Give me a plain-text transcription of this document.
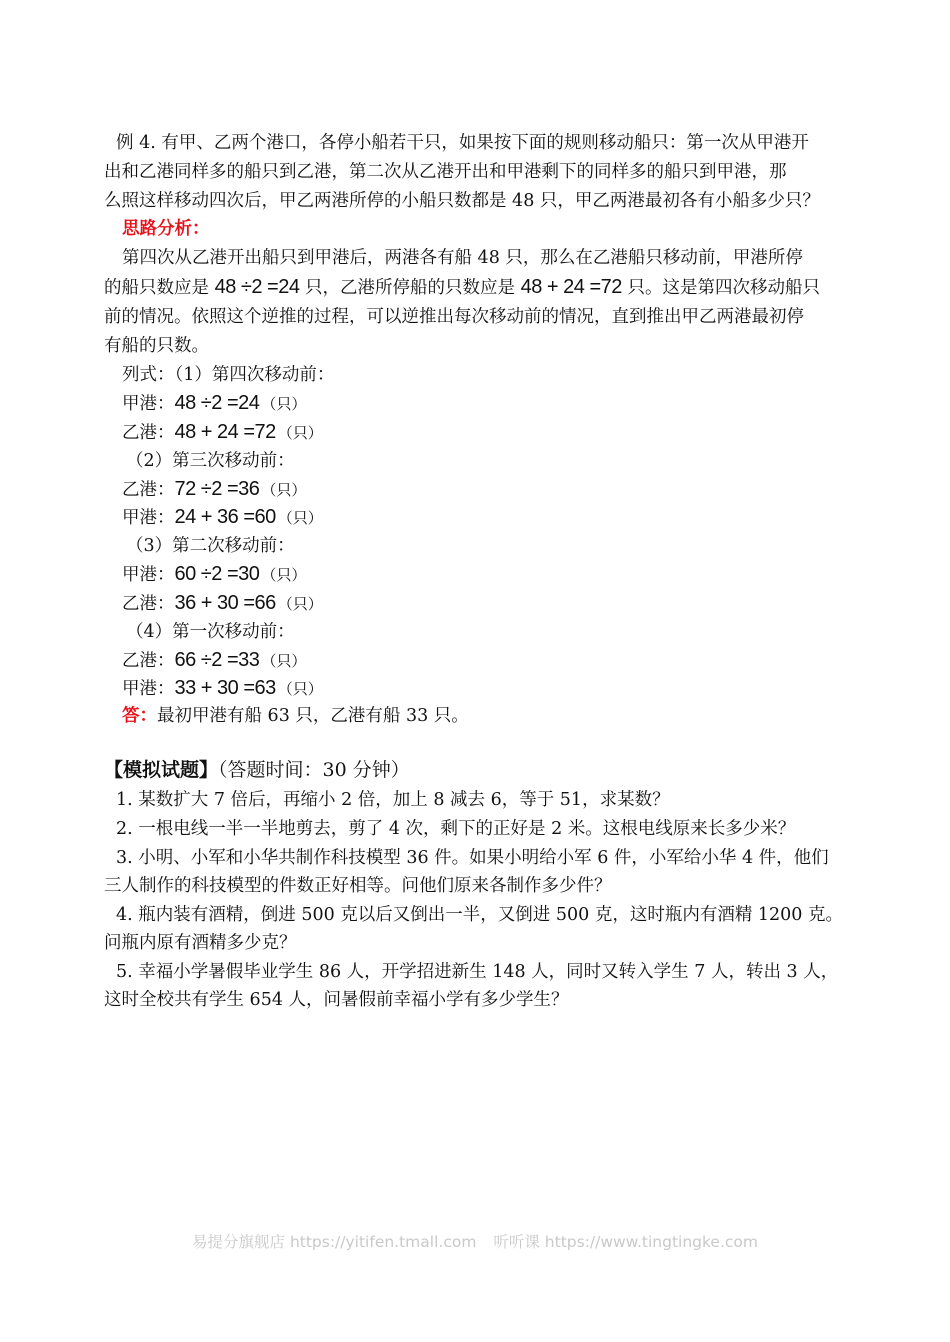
例 4. 有甲、乙两个港口，各停小船若干只，如果按下面的规则移动船只：第一次从甲港开
出和乙港同样多的船只到乙港，第二次从乙港开出和甲港剩下的同样多的船只到甲港，那
么照这样移动四次后，甲乙两港所停的小船只数都是 48 只，甲乙两港最初各有小船多少只？
思路分析：
第四次从乙港开出船只到甲港后，两港各有船 48 只，那么在乙港船只移动前，甲港所停
的船只数应是 48 ÷2 =24 只，乙港所停船的只数应是 48 + 24 =72 只。这是第四次移动船只
前的情况。依照这个逆推的过程，可以逆推出每次移动前的情况，直到推出甲乙两港最初停
有船的只数。
列式：（1）第四次移动前：
甲港：48 ÷2 =24 （只）
乙港：48 + 24 =72 （只）
（2）第三次移动前：
乙港：72 ÷2 =36 （只）
甲港：24 + 36 =60 （只）
（3）第二次移动前：
甲港：60 ÷2 =30 （只）
乙港：36 + 30 =66 （只）
（4）第一次移动前：
乙港：66 ÷2 =33 （只）
甲港：33 + 30 =63 （只）
答：最初甲港有船 63 只，乙港有船 33 只。
【模拟试题】（答题时间：30 分钟）
1. 某数扩大 7 倍后，再缩小 2 倍，加上 8 减去 6，等于 51，求某数？
2. 一根电线一半一半地剪去，剪了 4 次，剩下的正好是 2 米。这根电线原来长多少米？
3. 小明、小军和小华共制作科技模型 36 件。如果小明给小军 6 件，小军给小华 4 件，他们
三人制作的科技模型的件数正好相等。问他们原来各制作多少件？
4. 瓶内装有酒精，倒进 500 克以后又倒出一半，又倒进 500 克，这时瓶内有酒精 1200 克。
问瓶内原有酒精多少克？
5. 幸福小学暑假毕业学生 86 人，开学招进新生 148 人，同时又转入学生 7 人，转出 3 人，
这时全校共有学生 654 人，问暑假前幸福小学有多少学生？
易提分旗舰店 https://yitifen.tmall.com 听听课 https://www.tingtingke.com
